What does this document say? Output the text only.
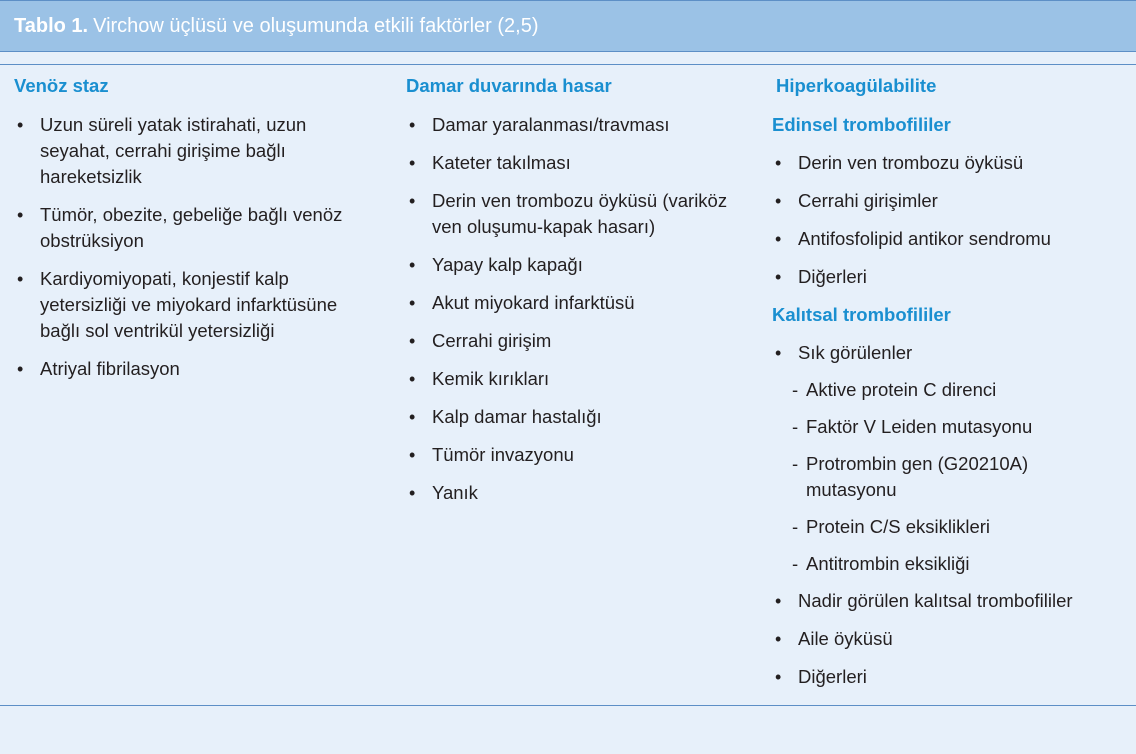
Tablo 1. Virchow üçlüsü ve oluşumunda etkili faktörler (2,5)
Venöz staz
• Uzun süreli yatak istirahati, uzun seyahat, cerrahi girişime bağlı hareketsizlik
• Tümör, obezite, gebeliğe bağlı venöz obstrüksiyon
• Kardiyomiyopati, konjestif kalp yetersizliği ve miyokard infarktüsüne bağlı sol ventrikül yetersizliği
• Atriyal fibrilasyon
Damar duvarında hasar
• Damar yaralanması/travması
• Kateter takılması
• Derin ven trombozu öyküsü (variköz ven oluşumu-kapak hasarı)
• Yapay kalp kapağı
• Akut miyokard infarktüsü
• Cerrahi girişim
• Kemik kırıkları
• Kalp damar hastalığı
• Tümör invazyonu
• Yanık
Hiperkoagülabilite
Edinsel trombofililer
• Derin ven trombozu öyküsü
• Cerrahi girişimler
• Antifosfolipid antikor sendromu
• Diğerleri
Kalıtsal trombofililer
• Sık görülenler
- Aktive protein C direnci
- Faktör V Leiden mutasyonu
- Protrombin gen (G20210A) mutasyonu
- Protein C/S eksiklikleri
- Antitrombin eksikliği
• Nadir görülen kalıtsal trombofililer
• Aile öyküsü
• Diğerleri
